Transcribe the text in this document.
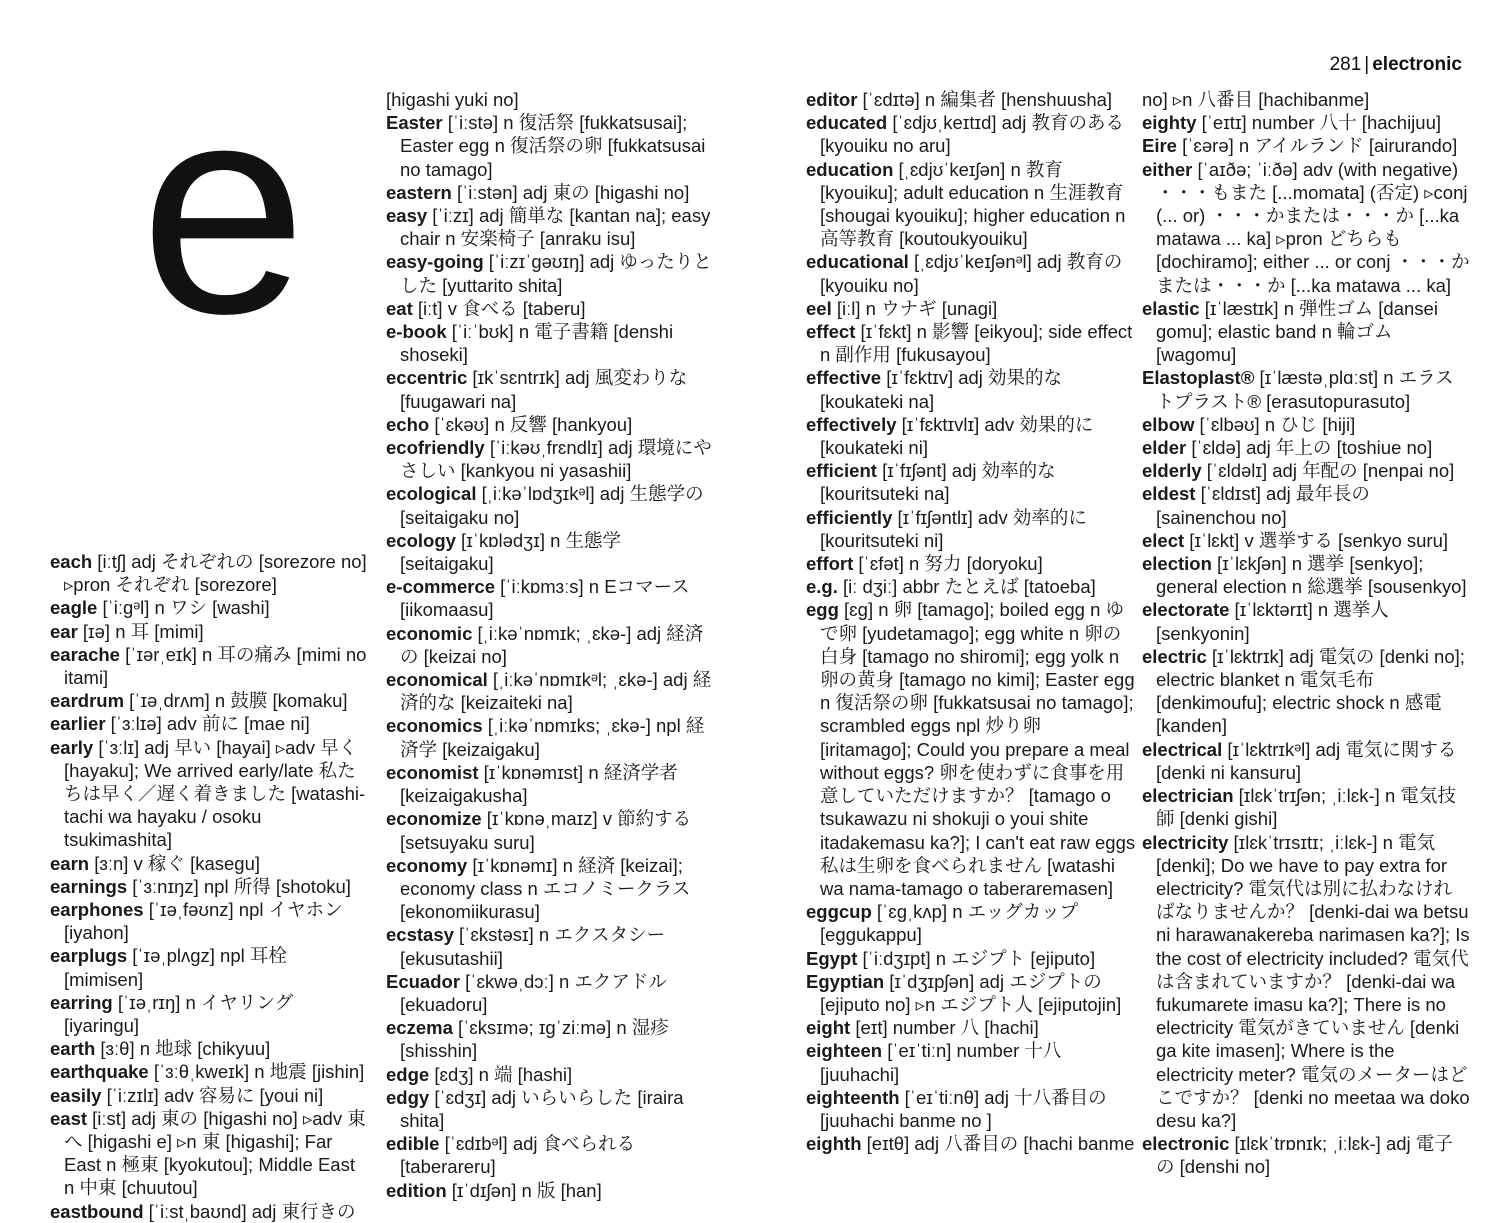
281 | electronic
e
each [iːtʃ] adj それぞれの [sorezore no] ▹pron それぞれ [sorezore]
eagle [ˈiːgᵊl] n ワシ [washi]
ear [ɪə] n 耳 [mimi]
earache [ˈɪərˌeɪk] n 耳の痛み [mimi no itami]
eardrum [ˈɪəˌdrʌm] n 鼓膜 [komaku]
earlier [ˈɜːlɪə] adv 前に [mae ni]
early [ˈɜːlɪ] adj 早い [hayai] ▹adv 早く [hayaku]; We arrived early/late 私たちは早く／遅く着きました [watashi-tachi wa hayaku / osoku tsukimashita]
earn [ɜːn] v 稼ぐ [kasegu]
earnings [ˈɜːnɪŋz] npl 所得 [shotoku]
earphones [ˈɪəˌfəʊnz] npl イヤホン [iyahon]
earplugs [ˈɪəˌplʌgz] npl 耳栓 [mimisen]
earring [ˈɪəˌrɪŋ] n イヤリング [iyaringu]
earth [ɜːθ] n 地球 [chikyuu]
earthquake [ˈɜːθˌkweɪk] n 地震 [jishin]
easily [ˈiːzɪlɪ] adv 容易に [youi ni]
east [iːst] adj 東の [higashi no] ▹adv 東へ [higashi e] ▹n 東 [higashi]; Far East n 極東 [kyokutou]; Middle East n 中東 [chuutou]
eastbound [ˈiːstˌbaʊnd] adj 東行きの
[higashi yuki no]
Easter [ˈiːstə] n 復活祭 [fukkatsusai]; Easter egg n 復活祭の卵 [fukkatsusai no tamago]
eastern [ˈiːstən] adj 東の [higashi no]
easy [ˈiːzɪ] adj 簡単な [kantan na]; easy chair n 安楽椅子 [anraku isu]
easy-going [ˈiːzɪˈgəʊɪŋ] adj ゆったりとした [yuttarito shita]
eat [iːt] v 食べる [taberu]
e-book [ˈiːˈbʊk] n 電子書籍 [denshi shoseki]
eccentric [ɪkˈsɛntrɪk] adj 風変わりな [fuugawari na]
echo [ˈɛkəʊ] n 反響 [hankyou]
ecofriendly [ˈiːkəʊˌfrɛndlɪ] adj 環境にやさしい [kankyou ni yasashii]
ecological [ˌiːkəˈlɒdʒɪkᵊl] adj 生態学の [seitaigaku no]
ecology [ɪˈkɒlədʒɪ] n 生態学 [seitaigaku]
e-commerce [ˈiːkɒmɜːs] n Eコマース [iikomaasu]
economic [ˌiːkəˈnɒmɪk; ˌɛkə-] adj 経済の [keizai no]
economical [ˌiːkəˈnɒmɪkᵊl; ˌɛkə-] adj 経済的な [keizaiteki na]
economics [ˌiːkəˈnɒmɪks; ˌɛkə-] npl 経済学 [keizaigaku]
economist [ɪˈkɒnəmɪst] n 経済学者 [keizaigakusha]
economize [ɪˈkɒnəˌmaɪz] v 節約する [setsuyaku suru]
economy [ɪˈkɒnəmɪ] n 経済 [keizai]; economy class n エコノミークラス [ekonomiikurasu]
ecstasy [ˈɛkstəsɪ] n エクスタシー [ekusutashii]
Ecuador [ˈɛkwəˌdɔː] n エクアドル [ekuadoru]
eczema [ˈɛksɪmə; ɪgˈziːmə] n 湿疹 [shisshin]
edge [ɛdʒ] n 端 [hashi]
edgy [ˈɛdʒɪ] adj いらいらした [iraira shita]
edible [ˈɛdɪbᵊl] adj 食べられる [taberareru]
edition [ɪˈdɪʃən] n 版 [han]
editor [ˈɛdɪtə] n 編集者 [henshuusha]
educated [ˈɛdjʊˌkeɪtɪd] adj 教育のある [kyouiku no aru]
education [ˌɛdjʊˈkeɪʃən] n 教育 [kyouiku]; adult education n 生涯教育 [shougai kyouiku]; higher education n 高等教育 [koutoukyouiku]
educational [ˌɛdjʊˈkeɪʃənᵊl] adj 教育の [kyouiku no]
eel [iːl] n ウナギ [unagi]
effect [ɪˈfɛkt] n 影響 [eikyou]; side effect n 副作用 [fukusayou]
effective [ɪˈfɛktɪv] adj 効果的な [koukateki na]
effectively [ɪˈfɛktɪvlɪ] adv 効果的に [koukateki ni]
efficient [ɪˈfɪʃənt] adj 効率的な [kouritsuteki na]
efficiently [ɪˈfɪʃəntlɪ] adv 効率的に [kouritsuteki ni]
effort [ˈɛfət] n 努力 [doryoku]
e.g. [iː dʒiː] abbr たとえば [tatoeba]
egg [ɛg] n 卵 [tamago]; boiled egg n ゆで卵 [yudetamago]; egg white n 卵の白身 [tamago no shiromi]; egg yolk n 卵の黄身 [tamago no kimi]; Easter egg n 復活祭の卵 [fukkatsusai no tamago]; scrambled eggs npl 炒り卵 [iritamago]; Could you prepare a meal without eggs? 卵を使わずに食事を用意していただけますか？ [tamago o tsukawazu ni shokuji o youi shite itadakemasu ka?]; I can't eat raw eggs 私は生卵を食べられません [watashi wa nama-tamago o taberaremasen]
eggcup [ˈɛgˌkʌp] n エッグカップ [eggukappu]
Egypt [ˈiːdʒɪpt] n エジプト [ejiputo]
Egyptian [ɪˈdʒɪpʃən] adj エジプトの [ejiputo no] ▹n エジプト人 [ejiputojin]
eight [eɪt] number 八 [hachi]
eighteen [ˈeɪˈtiːn] number 十八 [juuhachi]
eighteenth [ˈeɪˈtiːnθ] adj 十八番目の [juuhachi banme no ]
eighth [eɪtθ] adj 八番目の [hachi banme
no] ▹n 八番目 [hachibanme]
eighty [ˈeɪtɪ] number 八十 [hachijuu]
Eire [ˈɛərə] n アイルランド [airurando]
either [ˈaɪðə; ˈiːðə] adv (with negative) ・・・もまた [...momata] (否定) ▹conj (... or) ・・・かまたは・・・か [...ka matawa ... ka] ▹pron どちらも [dochiramo]; either ... or conj ・・・かまたは・・・か [...ka matawa ... ka]
elastic [ɪˈlæstɪk] n 弾性ゴム [dansei gomu]; elastic band n 輪ゴム [wagomu]
Elastoplast® [ɪˈlæstəˌplɑːst] n エラストプラスト® [erasutopurasuto]
elbow [ˈɛlbəʊ] n ひじ [hiji]
elder [ˈɛldə] adj 年上の [toshiue no]
elderly [ˈɛldəlɪ] adj 年配の [nenpai no]
eldest [ˈɛldɪst] adj 最年長の [sainenchou no]
elect [ɪˈlɛkt] v 選挙する [senkyo suru]
election [ɪˈlɛkʃən] n 選挙 [senkyo]; general election n 総選挙 [sousenkyo]
electorate [ɪˈlɛktərɪt] n 選挙人 [senkyonin]
electric [ɪˈlɛktrɪk] adj 電気の [denki no]; electric blanket n 電気毛布 [denkimoufu]; electric shock n 感電 [kanden]
electrical [ɪˈlɛktrɪkᵊl] adj 電気に関する [denki ni kansuru]
electrician [ɪlɛkˈtrɪʃən; ˌiːlɛk-] n 電気技師 [denki gishi]
electricity [ɪlɛkˈtrɪsɪtɪ; ˌiːlɛk-] n 電気 [denki]; Do we have to pay extra for electricity? 電気代は別に払わなければなりませんか？ [denki-dai wa betsu ni harawanakereba narimasen ka?]; Is the cost of electricity included? 電気代は含まれていますか？ [denki-dai wa fukumarete imasu ka?]; There is no electricity 電気がきていません [denki ga kite imasen]; Where is the electricity meter? 電気のメーターはどこですか？ [denki no meetaa wa doko desu ka?]
electronic [ɪlɛkˈtrɒnɪk; ˌiːlɛk-] adj 電子の [denshi no]
